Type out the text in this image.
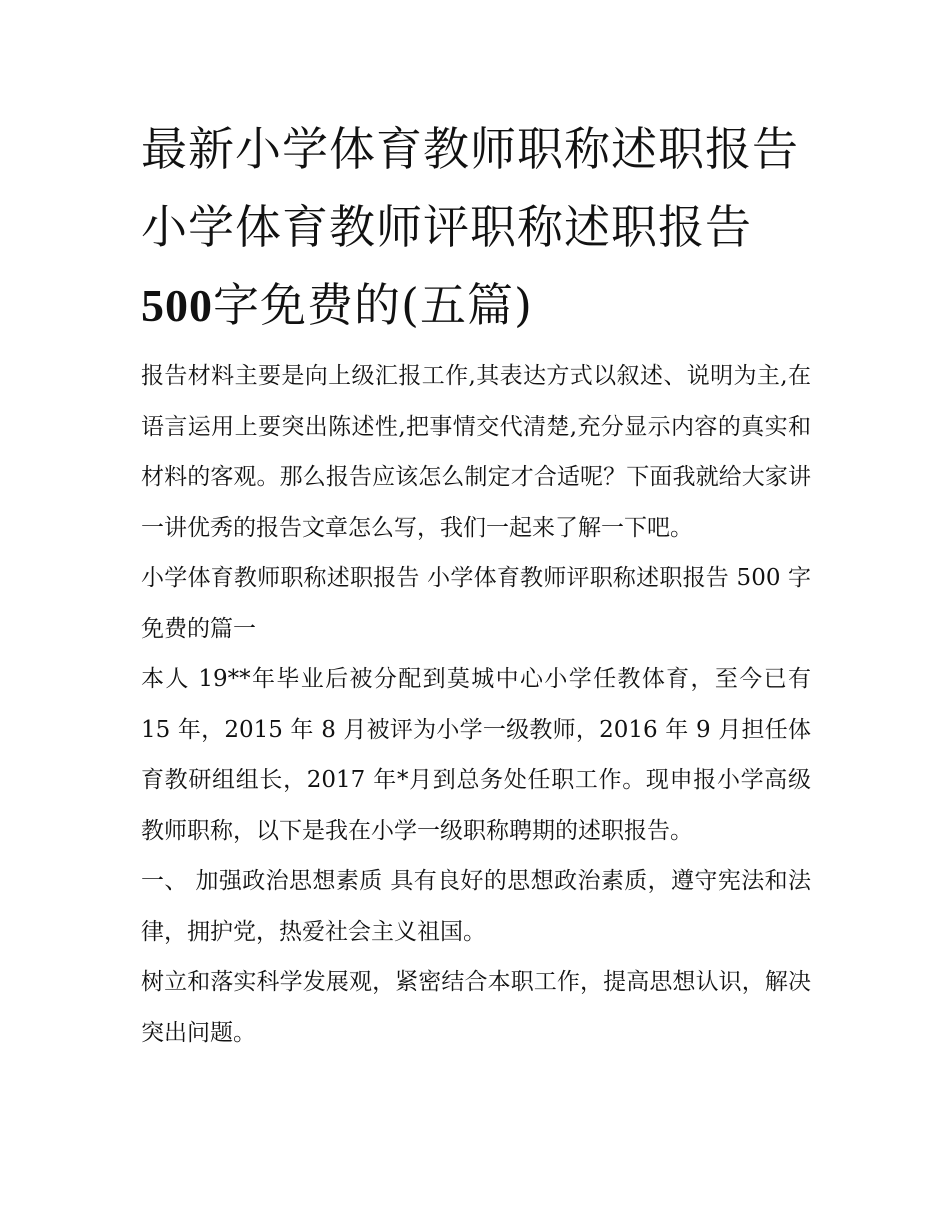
最新小学体育教师职称述职报告 小学体育教师评职称述职报告500字免费的(五篇)

报告材料主要是向上级汇报工作,其表达方式以叙述、说明为主,在语言运用上要突出陈述性,把事情交代清楚,充分显示内容的真实和材料的客观。那么报告应该怎么制定才合适呢？下面我就给大家讲一讲优秀的报告文章怎么写，我们一起来了解一下吧。

小学体育教师职称述职报告 小学体育教师评职称述职报告 500 字免费的篇一

本人 19**年毕业后被分配到莫城中心小学任教体育，至今已有 15 年，2015 年 8 月被评为小学一级教师，2016 年 9 月担任体育教研组组长，2017 年*月到总务处任职工作。现申报小学高级教师职称，以下是我在小学一级职称聘期的述职报告。

一、 加强政治思想素质 具有良好的思想政治素质，遵守宪法和法律，拥护党，热爱社会主义祖国。

树立和落实科学发展观，紧密结合本职工作，提高思想认识，解决突出问题。
